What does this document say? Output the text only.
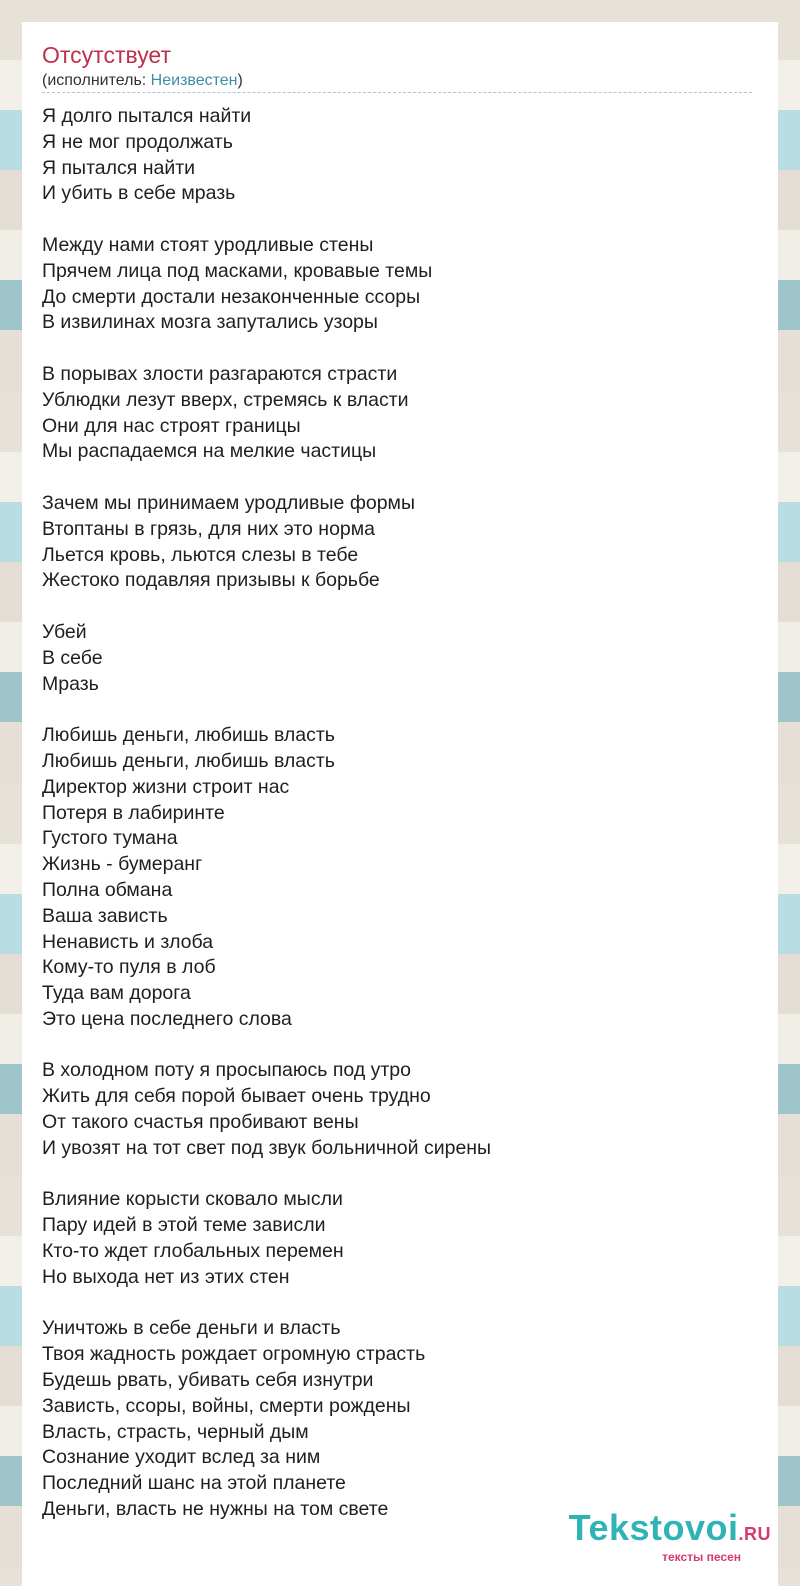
Отсутствует
(исполнитель: Неизвестен)
Я долго пытался найти
Я не мог продолжать
Я пытался найти
И убить в себе мразь
Между нами стоят уродливые стены
Прячем лица под масками, кровавые темы
До смерти достали незаконченные ссоры
В извилинах мозга запутались узоры
В порывах злости разгараются страсти
Ублюдки лезут вверх, стремясь к власти
Они для нас строят границы
Мы распадаемся на мелкие частицы
Зачем мы принимаем уродливые формы
Втоптаны в грязь, для них это норма
Льется кровь, льются слезы в тебе
Жестоко подавляя призывы к борьбе
Убей
В себе
Мразь
Любишь деньги, любишь власть
Любишь деньги, любишь власть
Директор жизни строит нас
Потеря в лабиринте
Густого тумана
Жизнь - бумеранг
Полна обмана
Ваша зависть
Ненависть и злоба
Кому-то пуля в лоб
Туда вам дорога
Это цена последнего слова
В холодном поту я просыпаюсь под утро
Жить для себя порой бывает очень трудно
От такого счастья пробивают вены
И увозят на тот свет под звук больничной сирены
Влияние корысти сковало мысли
Пару идей в этой теме зависли
Кто-то ждет глобальных перемен
Но выхода нет из этих стен
Уничтожь в себе деньги и власть
Твоя жадность рождает огромную страсть
Будешь рвать, убивать себя изнутри
Зависть, ссоры, войны, смерти рождены
Власть, страсть, черный дым
Сознание уходит вслед за ним
Последний шанс на этой планете
Деньги, власть не нужны на том свете	Tekstovoi.RU
тексты песен
